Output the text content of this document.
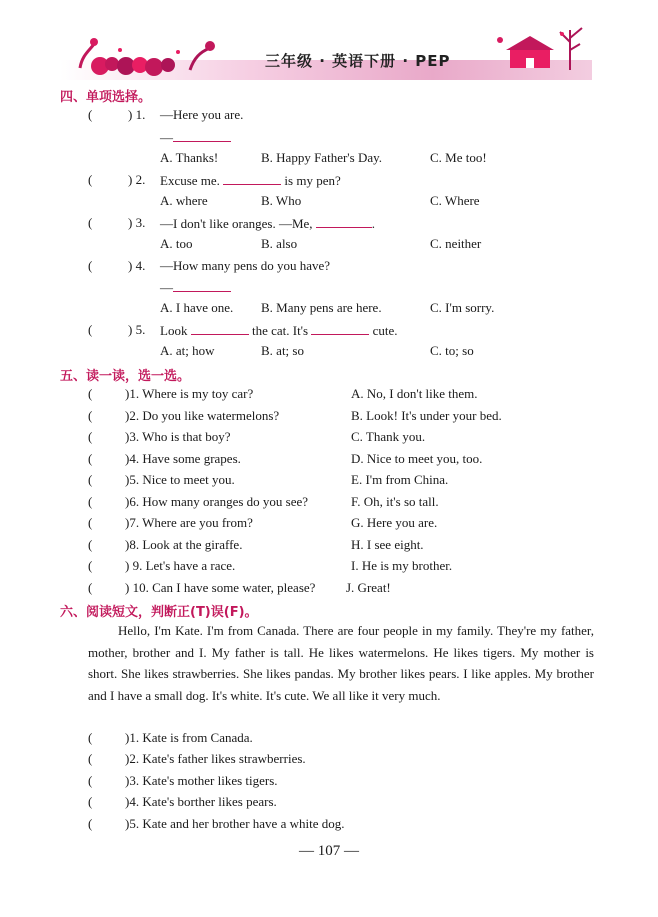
三年级 · 英语下册 · PEP
四、单项选择。
(	) 1. —Here you are.
—
A. Thanks!	B. Happy Father's Day.	C. Me too!
(	) 2. Excuse me.	is my pen?
A. where	B. Who	C. Where
(	) 3. —I don't like oranges. —Me,	.
A. too	B. also	C. neither
(	) 4. —How many pens do you have?
—
A. I have one. B. Many pens are here.	C. I'm sorry.
(	) 5. Look	the cat. It's	cute.
A. at; how	B. at; so	C. to; so
五、读一读，选一选。
(	)1. Where is my toy car?	A. No, I don't like them.
(	)2. Do you like watermelons?	B. Look! It's under your bed.
(	)3. Who is that boy?	C. Thank you.
(	)4. Have some grapes.	D. Nice to meet you, too.
(	)5. Nice to meet you.	E. I'm from China.
(	)6. How many oranges do you see?	F. Oh, it's so tall.
(	)7. Where are you from?	G. Here you are.
(	)8. Look at the giraffe.	H. I see eight.
(	) 9. Let's have a race.	I. He is my brother.
(	) 10. Can I have some water, please? J. Great!
六、阅读短文，判断正(T)误(F)。
Hello, I'm Kate. I'm from Canada. There are four people in my family. They're my father, mother, brother and I. My father is tall. He likes watermelons. He likes tigers. My mother is short. She likes strawberries. She likes pandas. My brother likes pears. I like apples. My brother and I have a small dog. It's white. It's cute. We all like it very much.
(	)1. Kate is from Canada.
(	)2. Kate's father likes strawberries.
(	)3. Kate's mother likes tigers.
(	)4. Kate's borther likes pears.
(	)5. Kate and her brother have a white dog.
— 107 —
